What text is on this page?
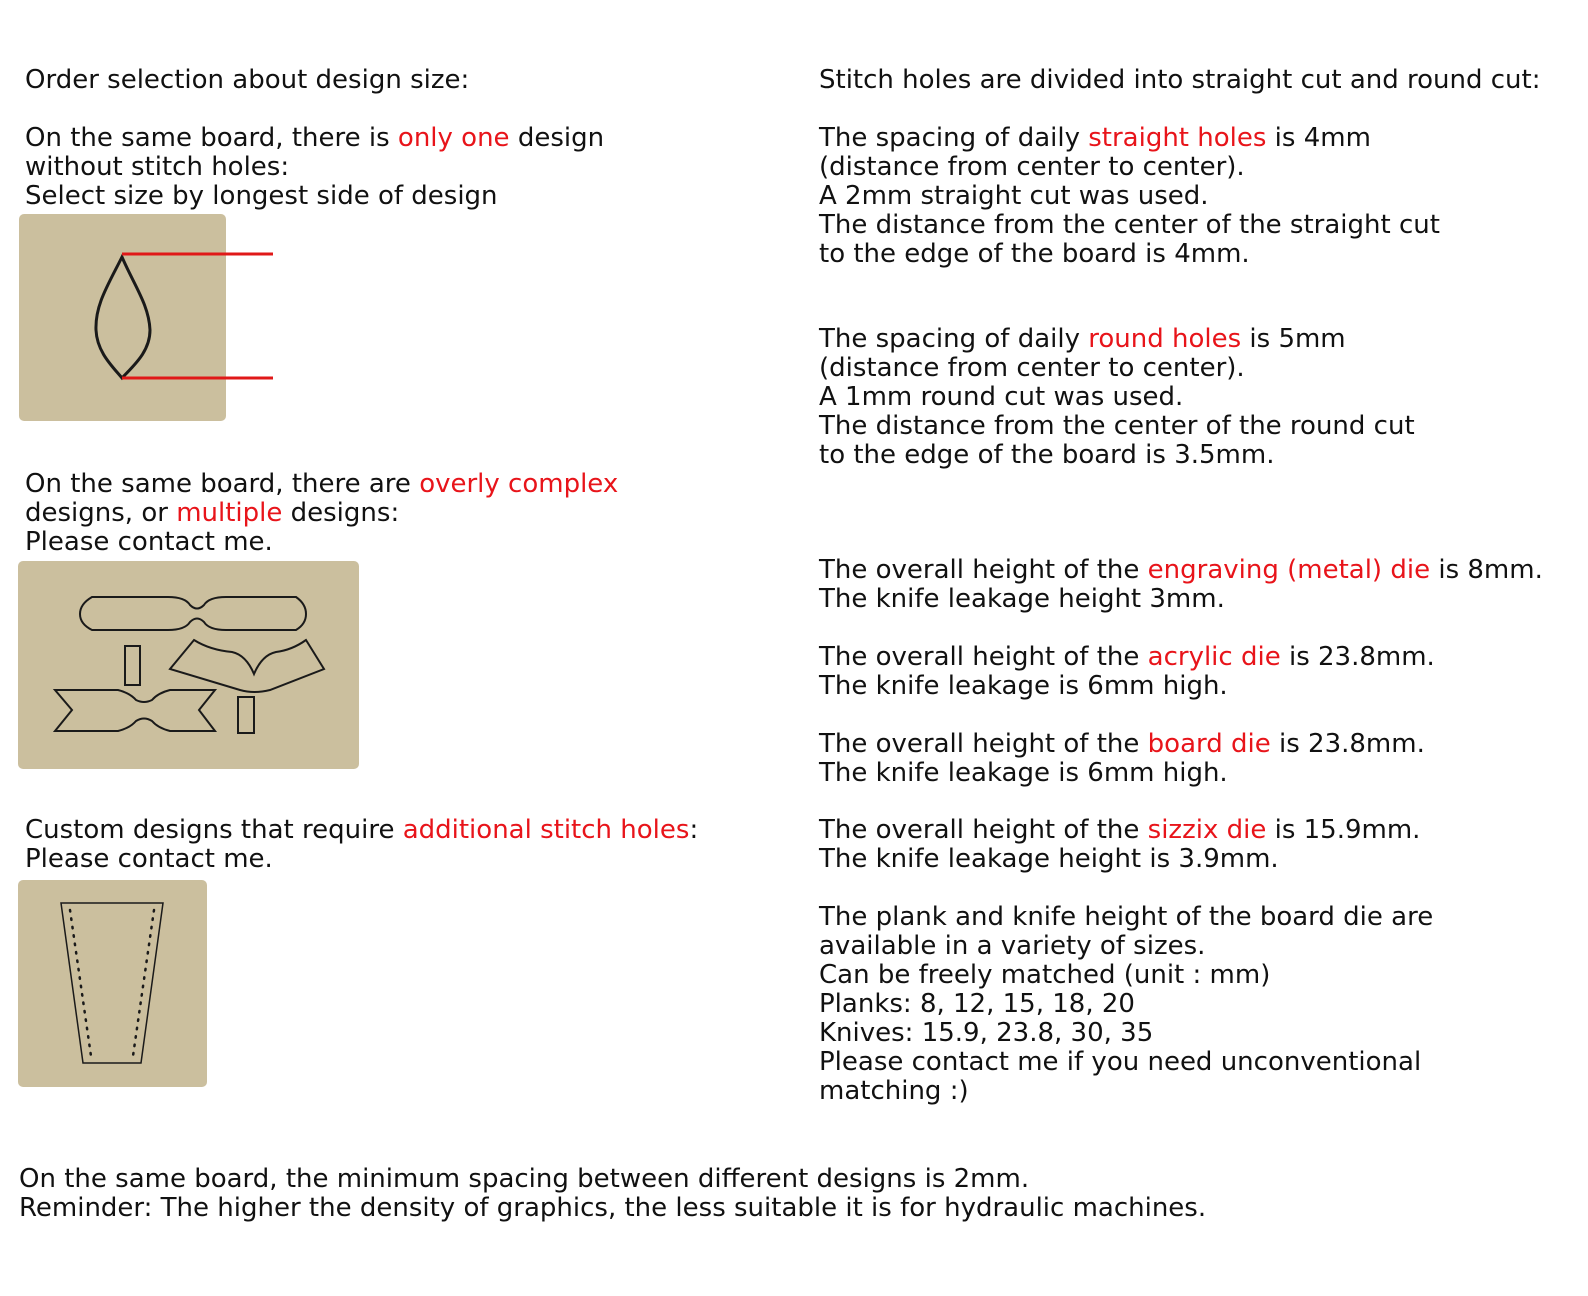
Order selection about design size:
On the same board, there is only one design
without stitch holes:
Select size by longest side of design
On the same board, there are overly complex
designs, or multiple designs:
Please contact me.
Custom designs that require additional stitch holes:
Please contact me.
Stitch holes are divided into straight cut and round cut:
The spacing of daily straight holes is 4mm
(distance from center to center).
A 2mm straight cut was used.
The distance from the center of the straight cut
to the edge of the board is 4mm.
The spacing of daily round holes is 5mm
(distance from center to center).
A 1mm round cut was used.
The distance from the center of the round cut
to the edge of the board is 3.5mm.
The overall height of the engraving (metal) die is 8mm.
The knife leakage height 3mm.
The overall height of the acrylic die is 23.8mm.
The knife leakage is 6mm high.
The overall height of the board die is 23.8mm.
The knife leakage is 6mm high.
The overall height of the sizzix die is 15.9mm.
The knife leakage height is 3.9mm.
The plank and knife height of the board die are
available in a variety of sizes.
Can be freely matched (unit : mm)
Planks: 8, 12, 15, 18, 20
Knives: 15.9, 23.8, 30, 35
Please contact me if you need unconventional
matching :)
On the same board, the minimum spacing between different designs is 2mm.
Reminder: The higher the density of graphics, the less suitable it is for hydraulic machines.
